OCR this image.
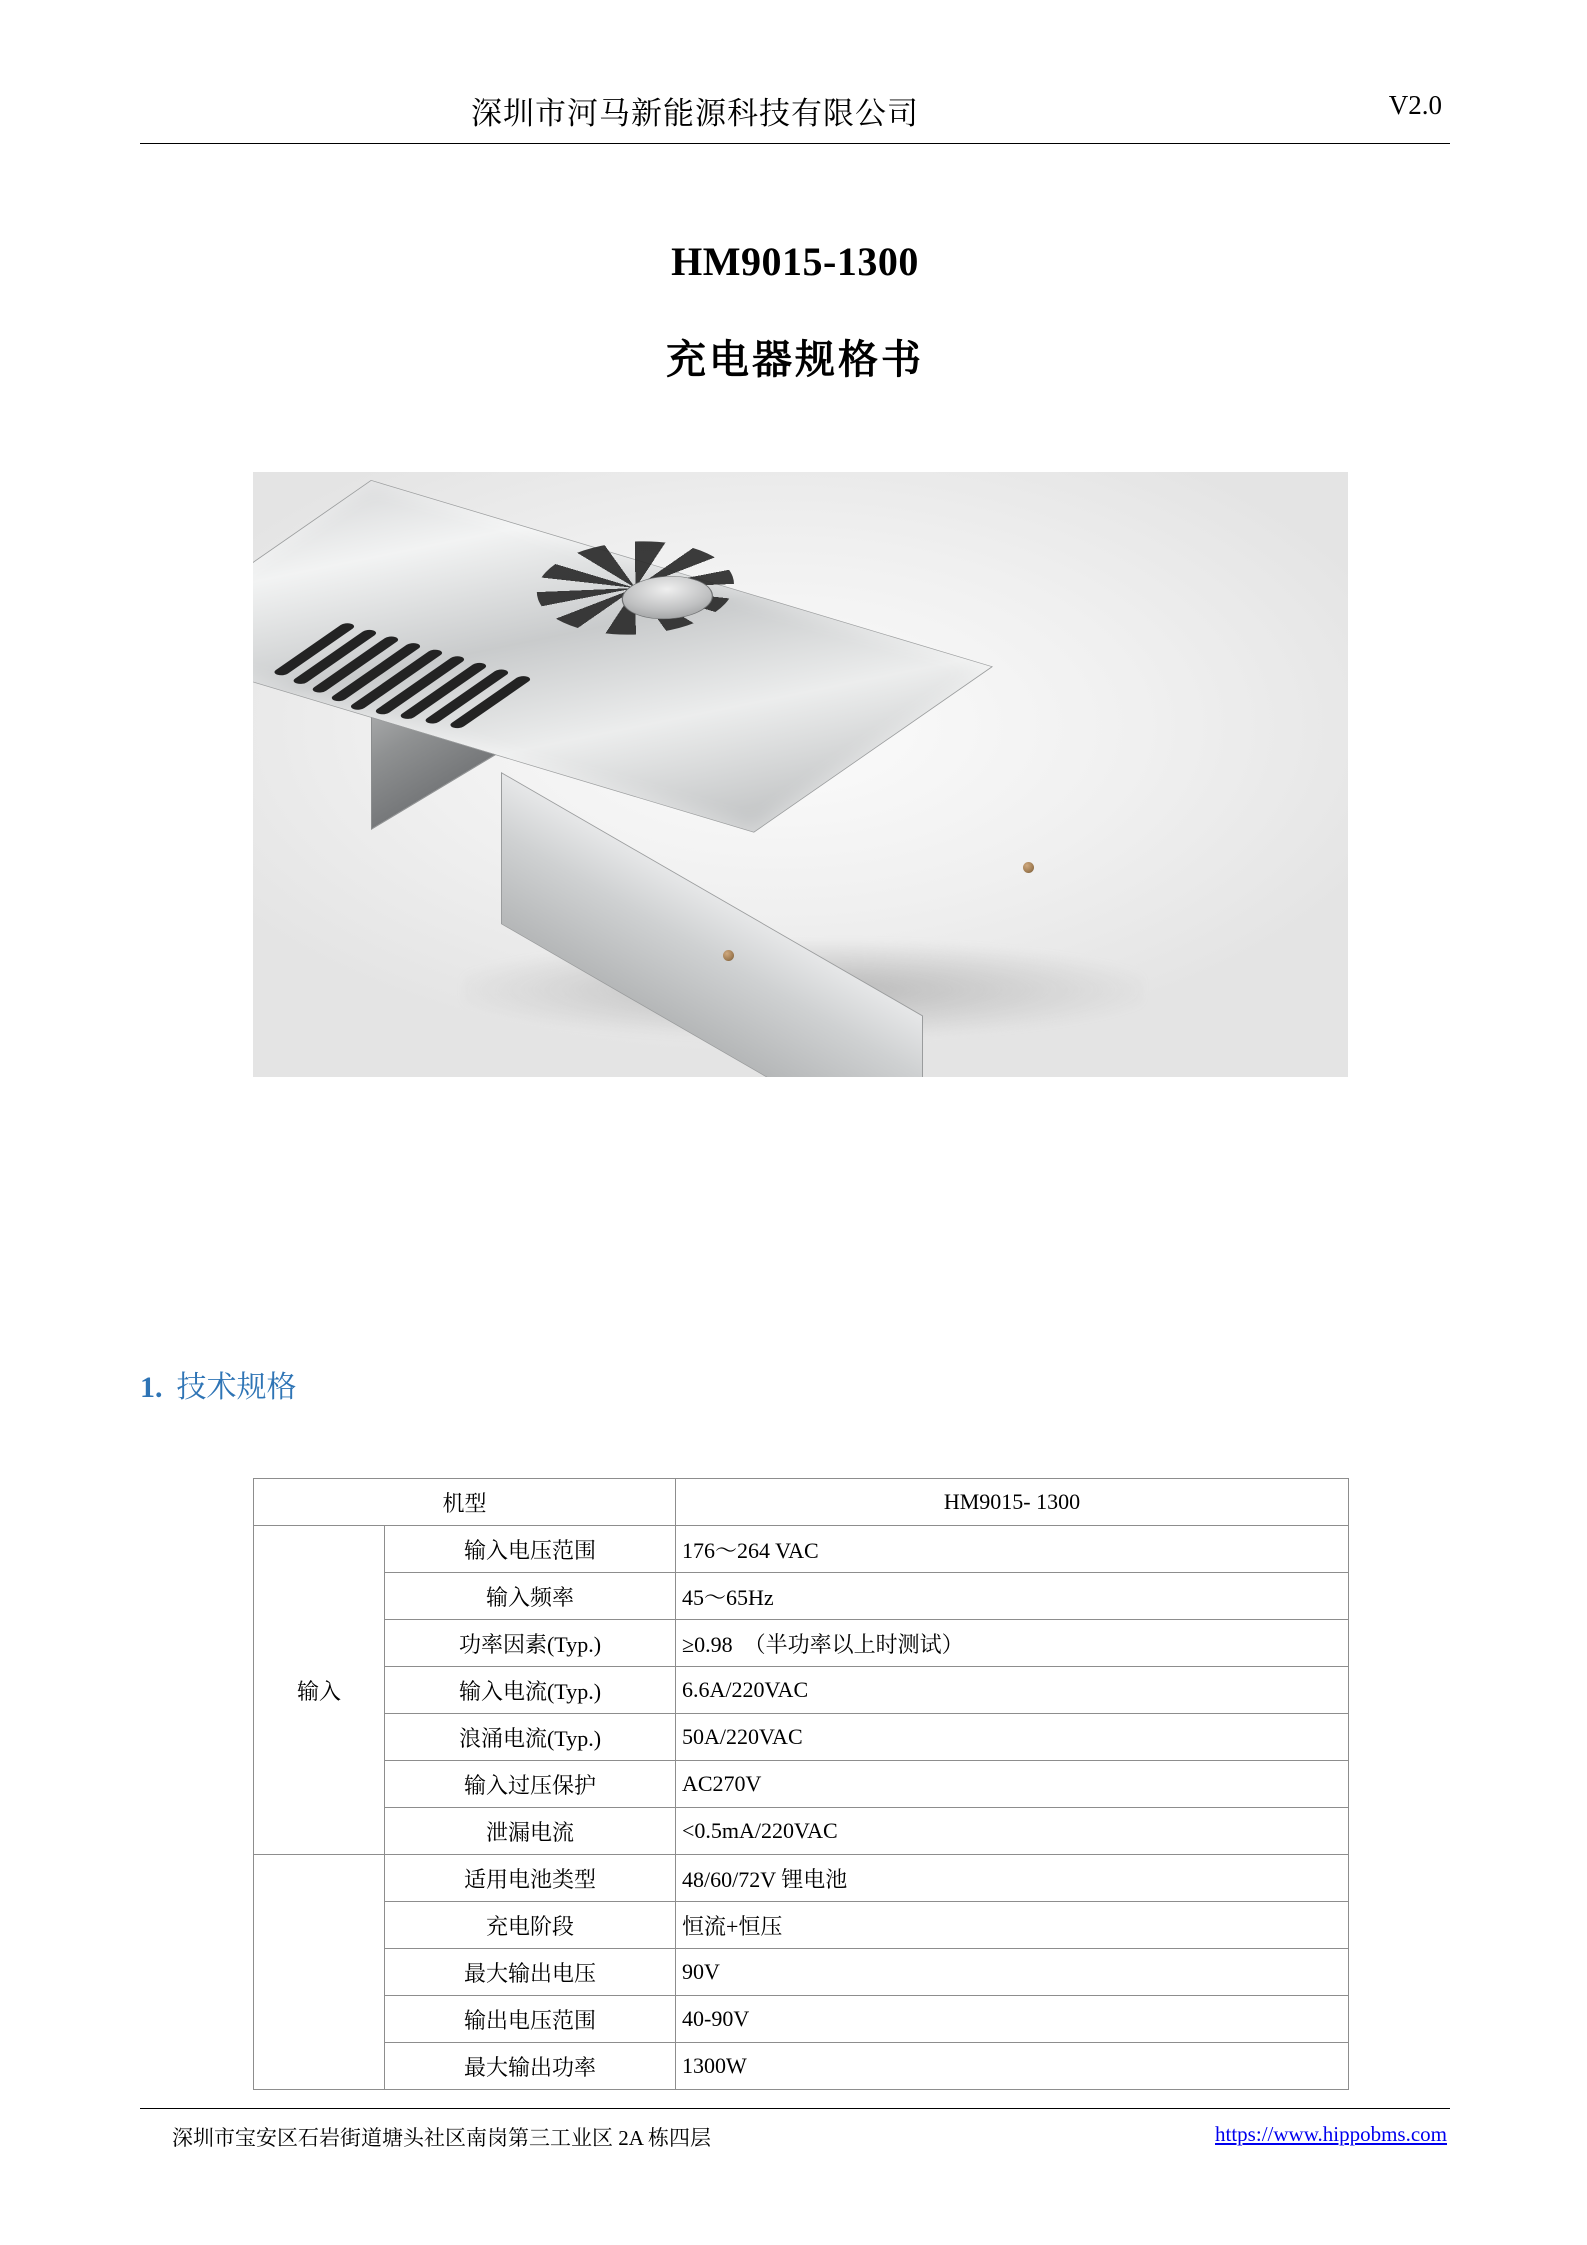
深圳市河马新能源科技有限公司	V2.0
HM9015-1300
充电器规格书
1. 技术规格
机型		HM9015- 1300
输入	输入电压范围	176～264 VAC
	输入频率	45～65Hz
	功率因素(Typ.)	≥0.98　（半功率以上时测试）
	输入电流(Typ.)	6.6A/220VAC
	浪涌电流(Typ.)	50A/220VAC
	输入过压保护	AC270V
	泄漏电流	<0.5mA/220VAC
	适用电池类型	48/60/72V 锂电池
	充电阶段	恒流+恒压
	最大输出电压	90V
	输出电压范围	40-90V
	最大输出功率	1300W
深圳市宝安区石岩街道塘头社区南岗第三工业区 2A 栋四层	https://www.hippobms.com
